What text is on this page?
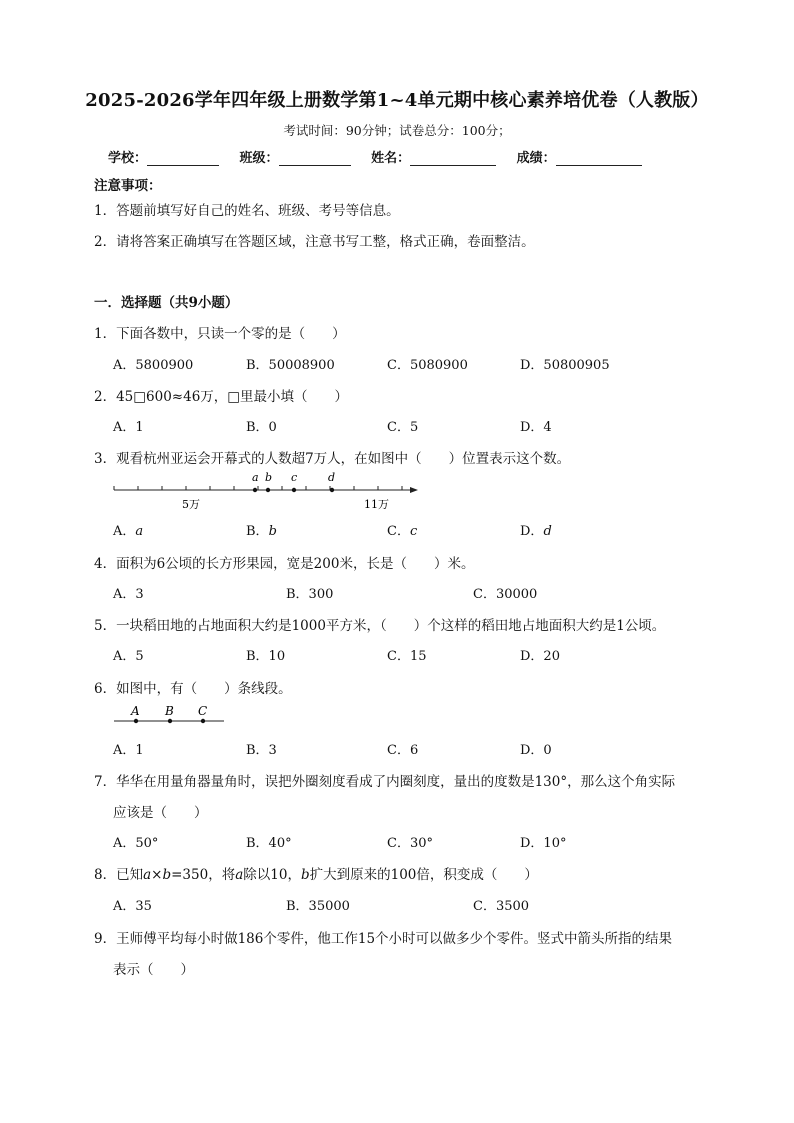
2025-2026学年四年级上册数学第1~4单元期中核心素养培优卷（人教版）
考试时间：90分钟；试卷总分：100分；
学校：	班级：	姓名：	成绩：
注意事项：
1．答题前填写好自己的姓名、班级、考号等信息。
2．请将答案正确填写在答题区域，注意书写工整，格式正确，卷面整洁。
一．选择题（共9小题）
1．下面各数中，只读一个零的是（　　）
A．5800900	B．50008900	C．5080900	D．50800905
2．45□600≈46万，□里最小填（　　）
A．1	B．0	C．5	D．4
3．观看杭州亚运会开幕式的人数超7万人，在如图中（　　）位置表示这个数。
a b c	d
5万	11万
A．a	B．b	C．c	D．d
4．面积为6公顷的长方形果园，宽是200米，长是（　　）米。
A．3	B．300	C．30000
5．一块稻田地的占地面积大约是1000平方米，（　　）个这样的稻田地占地面积大约是1公顷。
A．5	B．10	C．15	D．20
6．如图中，有（　　）条线段。
A B C
A．1	B．3	C．6	D．0
7．华华在用量角器量角时，误把外圈刻度看成了内圈刻度，量出的度数是130°，那么这个角实际
应该是（　　）
A．50°	B．40°	C．30°	D．10°
8．已知a×b=350，将a除以10，b扩大到原来的100倍，积变成（　　）
A．35	B．35000	C．3500
9．王师傅平均每小时做186个零件，他工作15个小时可以做多少个零件。竖式中箭头所指的结果
表示（　　）
